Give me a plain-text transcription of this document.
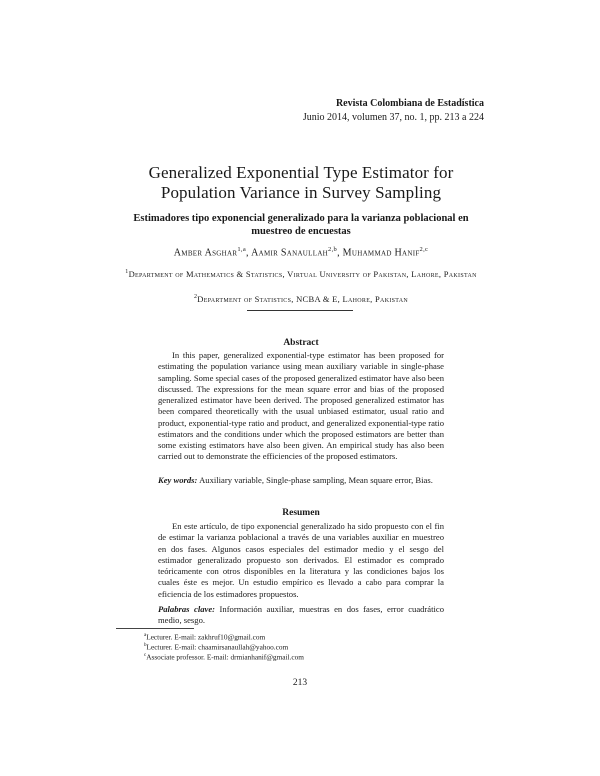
Revista Colombiana de Estadística
Junio 2014, volumen 37, no. 1, pp. 213 a 224
Generalized Exponential Type Estimator for Population Variance in Survey Sampling
Estimadores tipo exponencial generalizado para la varianza poblacional en muestreo de encuestas
Amber Asghar$^{1,a}$, Aamir Sanaullah$^{2,b}$, Muhammad Hanif$^{2,c}$
$^1$Department of Mathematics & Statistics, Virtual University of Pakistan, Lahore, Pakistan
$^2$Department of Statistics, NCBA & E, Lahore, Pakistan
Abstract
In this paper, generalized exponential-type estimator has been proposed for estimating the population variance using mean auxiliary variable in single-phase sampling. Some special cases of the proposed generalized estimator have also been discussed. The expressions for the mean square error and bias of the proposed generalized estimator have been derived. The proposed generalized estimator has been compared theoretically with the usual unbiased estimator, usual ratio and product, exponential-type ratio and product, and generalized exponential-type ratio estimators and the conditions under which the proposed estimators are better than some existing estimators have also been given. An empirical study has also been carried out to demonstrate the efficiencies of the proposed estimators.
Key words: Auxiliary variable, Single-phase sampling, Mean square error, Bias.
Resumen
En este artículo, de tipo exponencial generalizado ha sido propuesto con el fin de estimar la varianza poblacional a través de una variables auxiliar en muestreo en dos fases. Algunos casos especiales del estimador medio y el sesgo del estimador generalizado propuesto son derivados. El estimador es comprado teóricamente con otros disponibles en la literatura y las condiciones bajos los cuales éste es mejor. Un estudio empírico es llevado a cabo para comprar la eficiencia de los estimadores propuestos.
Palabras clave: Información auxiliar, muestras en dos fases, error cuadrático medio, sesgo.
$^a$Lecturer. E-mail: zakhruf10@gmail.com
$^b$Lecturer. E-mail: chaamirsanaullah@yahoo.com
$^c$Associate professor. E-mail: drmianhanif@gmail.com
213
